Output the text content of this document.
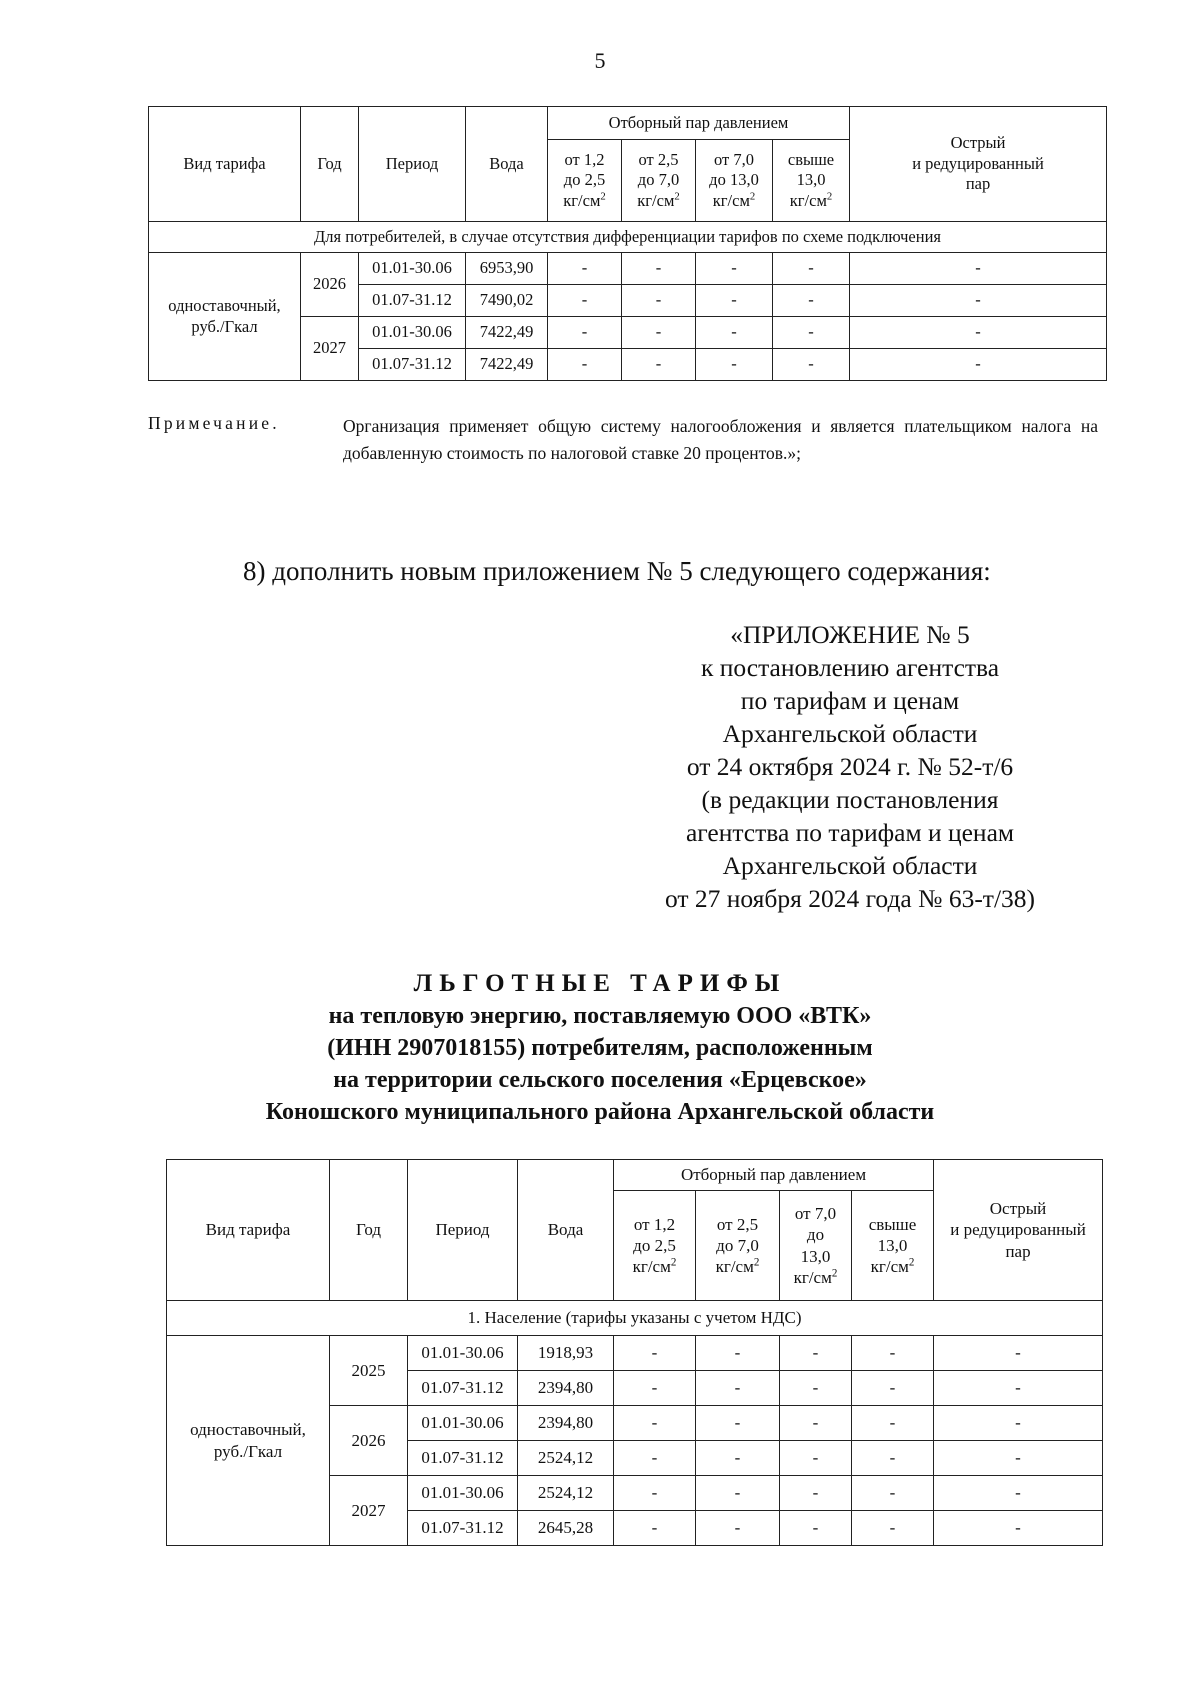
5
Вид тарифа	Год	Период	Вода	Отборный пар давлением				Острый
и редуцированный
пар
				от 1,2
до 2,5
$кг/см^2$	от 2,5
до 7,0
$кг/см^2$	от 7,0
до 13,0
$кг/см^2$	свыше
13,0
$кг/см^2$
Для потребителей, в случае отсутствия дифференциации тарифов по схеме подключения								
одноставочный,
руб./Гкал	2026	01.01-30.06	6953,90	-	-	-	-	-
		01.07-31.12	7490,02	-	-	-	-	-
	2027	01.01-30.06	7422,49	-	-	-	-	-
		01.07-31.12	7422,49	-	-	-	-	-
Примечание.	Организация применяет общую систему налогообложения и является плательщиком налога на добавленную стоимость по налоговой ставке 20 процентов.»;
8) дополнить новым приложением № 5 следующего содержания:
«ПРИЛОЖЕНИЕ № 5
к постановлению агентства
по тарифам и ценам
Архангельской области
от 24 октября 2024 г. № 52-т/6
(в редакции постановления
агентства по тарифам и ценам
Архангельской области
от 27 ноября 2024 года № 63-т/38)
ЛЬГОТНЫЕ ТАРИФЫ
на тепловую энергию, поставляемую ООО «ВТК»
(ИНН 2907018155) потребителям, расположенным
на территории сельского поселения «Ерцевское»
Коношского муниципального района Архангельской области
Вид тарифа	Год	Период	Вода	Отборный пар давлением				Острый
и редуцированный
пар
				от 1,2
до 2,5
$кг/см^2$	от 2,5
до 7,0
$кг/см^2$	от 7,0
до
13,0
$кг/см^2$	свыше
13,0
$кг/см^2$
1. Население (тарифы указаны с учетом НДС)								
одноставочный,
руб./Гкал	2025	01.01-30.06	1918,93	-	-	-	-	-
		01.07-31.12	2394,80	-	-	-	-	-
	2026	01.01-30.06	2394,80	-	-	-	-	-
		01.07-31.12	2524,12	-	-	-	-	-
	2027	01.01-30.06	2524,12	-	-	-	-	-
		01.07-31.12	2645,28	-	-	-	-	-
